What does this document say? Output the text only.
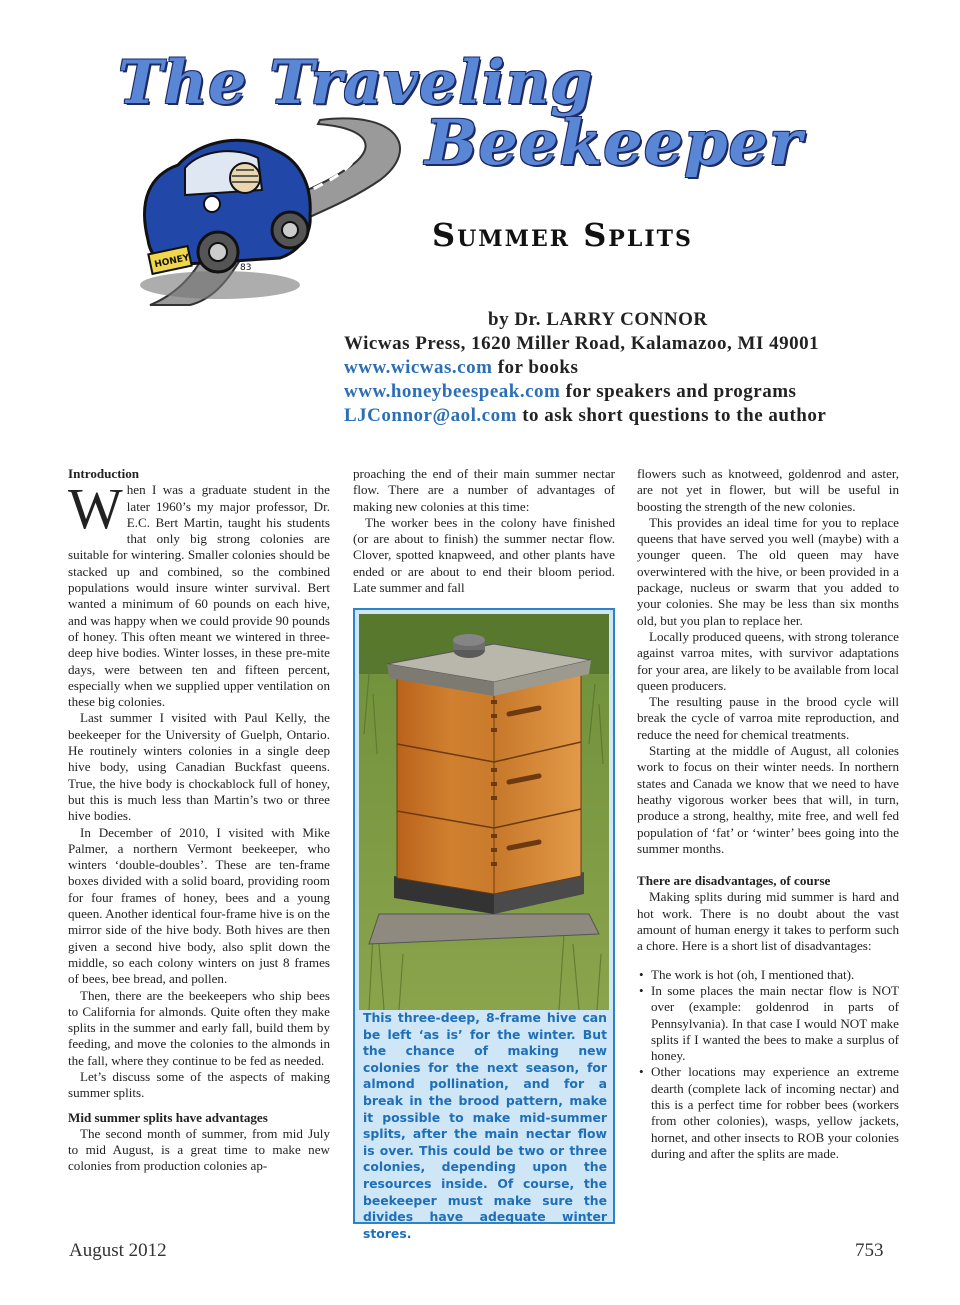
HONEY	83
The Traveling
Beekeeper
Summer Splits
by Dr. LARRY CONNOR
Wicwas Press, 1620 Miller Road, Kalamazoo, MI 49001
www.wicwas.com for books
www.honeybeespeak.com for speakers and programs
LJConnor@aol.com to ask short questions to the author
Introduction

When I was a graduate student in the later 1960’s my major professor, Dr. E.C. Bert Martin, taught his students that only big strong colonies are suitable for wintering. Smaller colonies should be stacked up and combined, so the combined populations would insure winter survival. Bert wanted a minimum of 60 pounds on each hive, and was happy when we could provide 90 pounds of honey. This often meant we wintered in three-deep hive bodies. Winter losses, in these pre-mite days, were between ten and fifteen percent, especially when we supplied upper ventilation on these big colonies.

Last summer I visited with Paul Kelly, the beekeeper for the University of Guelph, Ontario. He routinely winters colonies in a single deep hive body, using Canadian Buckfast queens. True, the hive body is chockablock full of honey, but this is much less than Martin’s two or three hive bodies.

In December of 2010, I visited with Mike Palmer, a northern Vermont beekeeper, who winters ‘double-doubles’. These are ten-frame boxes divided with a solid board, providing room for four frames of honey, bees and a young queen. Another identical four-frame hive is on the mirror side of the hive body. Both hives are then given a second hive body, also split down the middle, so each colony winters on just 8 frames of bees, bee bread, and pollen.

Then, there are the beekeepers who ship bees to California for almonds. Quite often they make splits in the summer and early fall, build them by feeding, and move the colonies to the almonds in the fall, where they continue to be fed as needed.

Let’s discuss some of the aspects of making summer splits.

Mid summer splits have advantages

The second month of summer, from mid July to mid August, is a great time to make new colonies from production colonies ap-

proaching the end of their main summer nectar flow. There are a number of advantages of making new colonies at this time:

The worker bees in the colony have finished (or are about to finish) the summer nectar flow. Clover, spotted knapweed, and other plants have ended or are about to end their bloom period. Late summer and fall

This three-deep, 8-frame hive can be left ‘as is’ for the winter. But the chance of making new colonies for the next season, for almond pollination, and for a break in the brood pattern, make it possible to make mid-summer splits, after the main nectar flow is over. This could be two or three colonies, depending upon the resources inside. Of course, the beekeeper must make sure the divides have adequate winter stores.

flowers such as knotweed, goldenrod and aster, are not yet in flower, but will be useful in boosting the strength of the new colonies.

This provides an ideal time for you to replace queens that have served you well (maybe) with a younger queen. The old queen may have overwintered with the hive, or been provided in a package, nucleus or swarm that you added to your colonies. She may be less than six months old, but you plan to replace her.

Locally produced queens, with strong tolerance against varroa mites, with survivor adaptations for your area, are likely to be available from local queen producers.

The resulting pause in the brood cycle will break the cycle of varroa mite reproduction, and reduce the need for chemical treatments.

Starting at the middle of August, all colonies work to focus on their winter needs. In northern states and Canada we know that we need to have heathy vigorous worker bees that will, in turn, produce a strong, healthy, mite free, and well fed population of ‘fat’ or ‘winter’ bees going into the summer months.

There are disadvantages, of course

Making splits during mid summer is hard and hot work. There is no doubt about the vast amount of human energy it takes to perform such a chore. Here is a short list of disadvantages:

• The work is hot (oh, I mentioned that).
• In some places the main nectar flow is NOT over (example: goldenrod in parts of Pennsylvania). In that case I would NOT make splits if I wanted the bees to make a surplus of honey.
• Other locations may experience an extreme dearth (complete lack of incoming nectar) and this is a perfect time for robber bees (workers from other colonies), wasps, yellow jackets, hornet, and other insects to ROB your colonies during and after the splits are made.
August 2012	753
